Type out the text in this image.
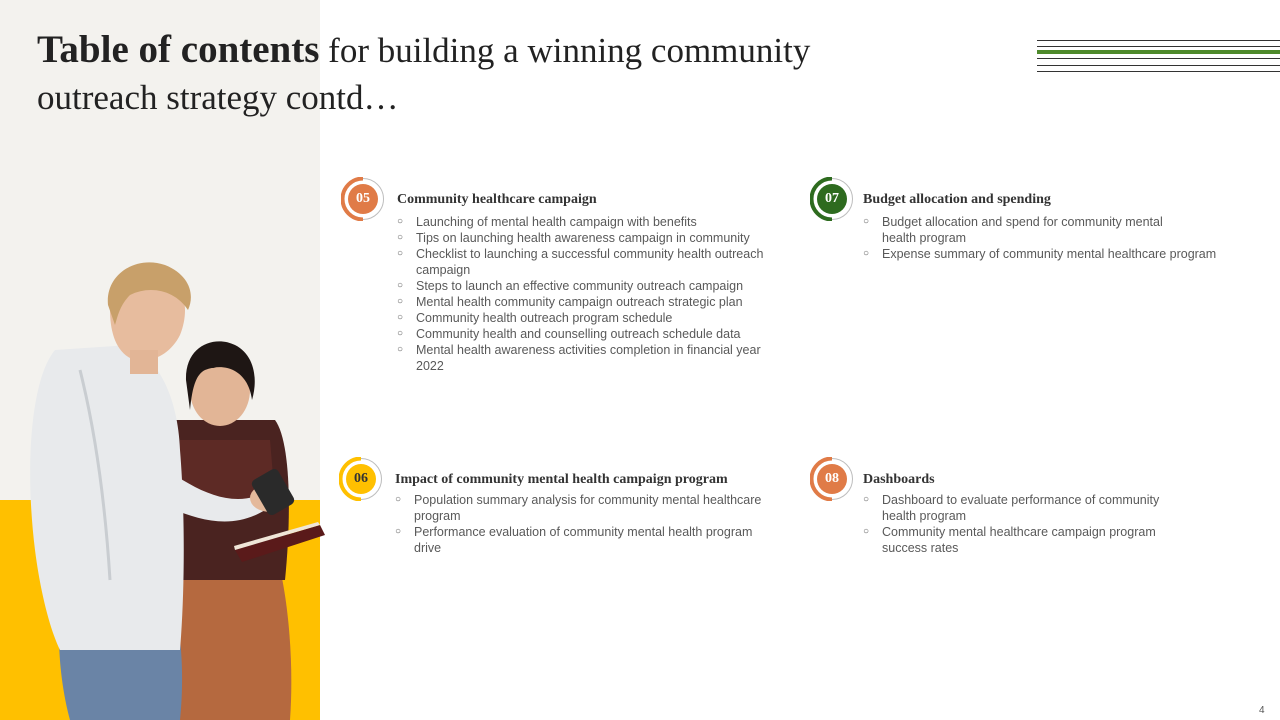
Table of contents for building a winning community outreach strategy contd…
05	Community healthcare campaign
○ Launching of mental health campaign with benefits
○ Tips on launching health awareness campaign in community
○ Checklist to launching a successful community health outreach campaign
○ Steps to launch an effective community outreach campaign
○ Mental health community campaign outreach strategic plan
○ Community health outreach program schedule
○ Community health and counselling outreach schedule data
○ Mental health awareness activities completion in financial year 2022
06	Impact of community mental health campaign program
○ Population summary analysis for community mental healthcare program
○ Performance evaluation of community mental health program drive
07	Budget allocation and spending
○ Budget allocation and spend for community mental health program
○ Expense summary of community mental healthcare program
08	Dashboards
○ Dashboard to evaluate performance of community health program
○ Community mental healthcare campaign program success rates
4
